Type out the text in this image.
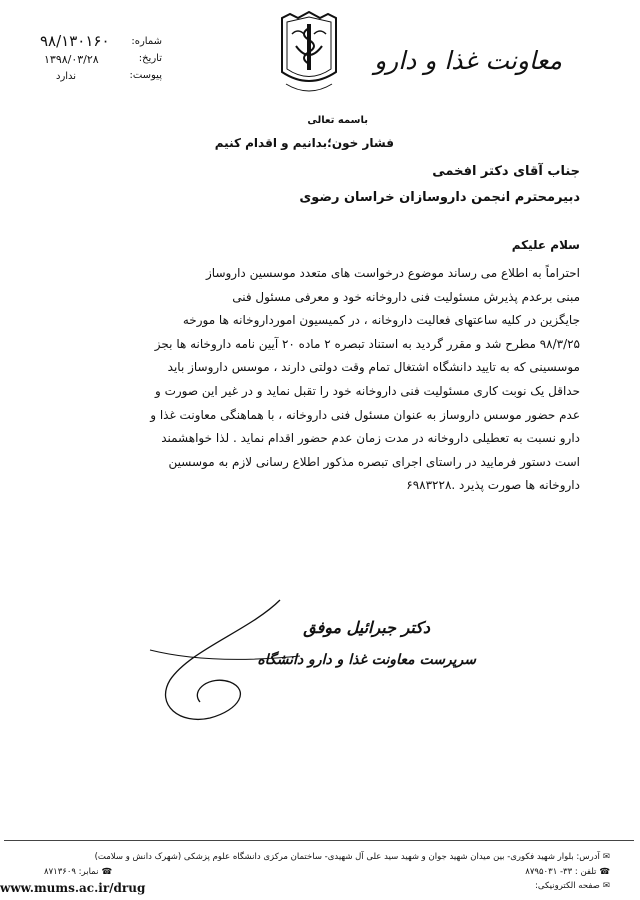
معاونت غذا و دارو
۹۸/۱۳۰۱۶۰ شماره:
۱۳۹۸/۰۳/۲۸	تاریخ:
ندارد	پیوست:
باسمه تعالی
فشار خون؛بدانیم و اقدام کنیم
جناب آقای دکتر افخمی
دبیرمحترم انجمن داروسازان خراسان رضوی
سلام علیکم
احتراماً به اطلاع می رساند موضوع درخواست های متعدد موسسین داروساز
مبنی برعدم پذیرش مسئولیت فنی داروخانه خود و معرفی مسئول فنی
جایگزین در کلیه ساعتهای فعالیت داروخانه ، در کمیسیون اموردارو‌خانه ها مورخه
۹۸/۳/۲۵ مطرح شد و مقرر گردید به استناد تبصره ۲ ماده ۲۰ آیین نامه داروخانه ها بجز
موسسینی که به تایید دانشگاه اشتغال تمام وقت دولتی دارند ، موسس داروساز باید
حداقل یک نوبت کاری مسئولیت فنی داروخانه خود را تقبل نماید و در غیر این صورت و
عدم حضور موسس داروساز به عنوان مسئول فنی داروخانه ، با هماهنگی معاونت غذا و
دارو نسبت به تعطیلی داروخانه در مدت زمان عدم حضور اقدام نماید . لذا خواهشمند
است دستور فرمایید در راستای اجرای تبصره مذکور اطلاع رسانی لازم به موسسین
داروخانه ها صورت پذیرد .۶۹۸۳۲۲۸
دکتر جبرائیل موفق
سرپرست معاونت غذا و دارو دانشگاه
✉آدرس: بلوار شهید فکوری- بین میدان شهید جوان و شهید سید علی آل شهیدی- ساختمان مرکزی دانشگاه علوم پزشکی (شهرک دانش و سلامت)
☎تلفن : ۳۳- ۸۷۹۵۰۳۱
☎نمابر: ۸۷۱۳۶۰۹
✉صفحه الکترونیکی:
www.mums.ac.ir/drug
